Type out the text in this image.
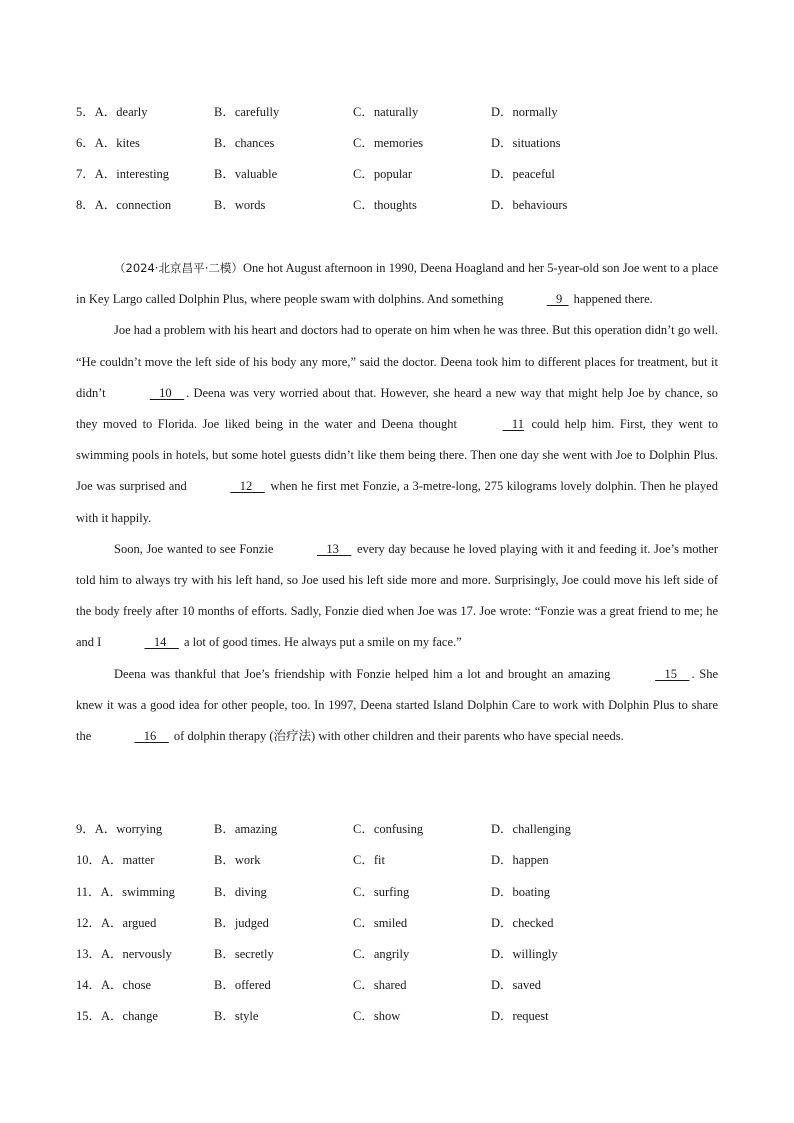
5．A．dearly	B．carefully	C．naturally	D．normally
6．A．kites	B．chances	C．memories	D．situations
7．A．interesting	B．valuable	C．popular	D．peaceful
8．A．connection	B．words	C．thoughts	D．behaviours

（2024·北京昌平·二模）One hot August afternoon in 1990, Deena Hoagland and her 5-year-old son Joe went to a place in Key Largo called Dolphin Plus, where people swam with dolphins. And something	9   happened there.

Joe had a problem with his heart and doctors had to operate on him when he was three. But this operation didn’t go well. “He couldn’t move the left side of his body any more,” said the doctor. Deena took him to different places for treatment, but it didn’t	10    . Deena was very worried about that. However, she heard a new way that might help Joe by chance, so they moved to Florida. Joe liked being in the water and Deena thought	11 could help him. First, they went to swimming pools in hotels, but some hotel guests didn’t like them being there. Then one day she went with Joe to Dolphin Plus. Joe was surprised and	12     when he first met Fonzie, a 3-metre-long, 275 kilograms lovely dolphin. Then he played with it happily.

Soon, Joe wanted to see Fonzie	13     every day because he loved playing with it and feeding it. Joe’s mother told him to always try with his left hand, so Joe used his left side more and more. Surprisingly, Joe could move his left side of the body freely after 10 months of efforts. Sadly, Fonzie died when Joe was 17. Joe wrote: “Fonzie was a great friend to me; he and I	14     a lot of good times. He always put a smile on my face.”

Deena was thankful that Joe’s friendship with Fonzie helped him a lot and brought an amazing	15    . She knew it was a good idea for other people, too. In 1997, Deena started Island Dolphin Care to work with Dolphin Plus to share the	16     of dolphin therapy (治疗法) with other children and their parents who have special needs.

9．A．worrying	B．amazing	C．confusing	D．challenging
10．A．matter	B．work	C．fit	D．happen
11．A．swimming	B．diving	C．surfing	D．boating
12．A．argued	B．judged	C．smiled	D．checked
13．A．nervously	B．secretly	C．angrily	D．willingly
14．A．chose	B．offered	C．shared	D．saved
15．A．change	B．style	C．show	D．request
